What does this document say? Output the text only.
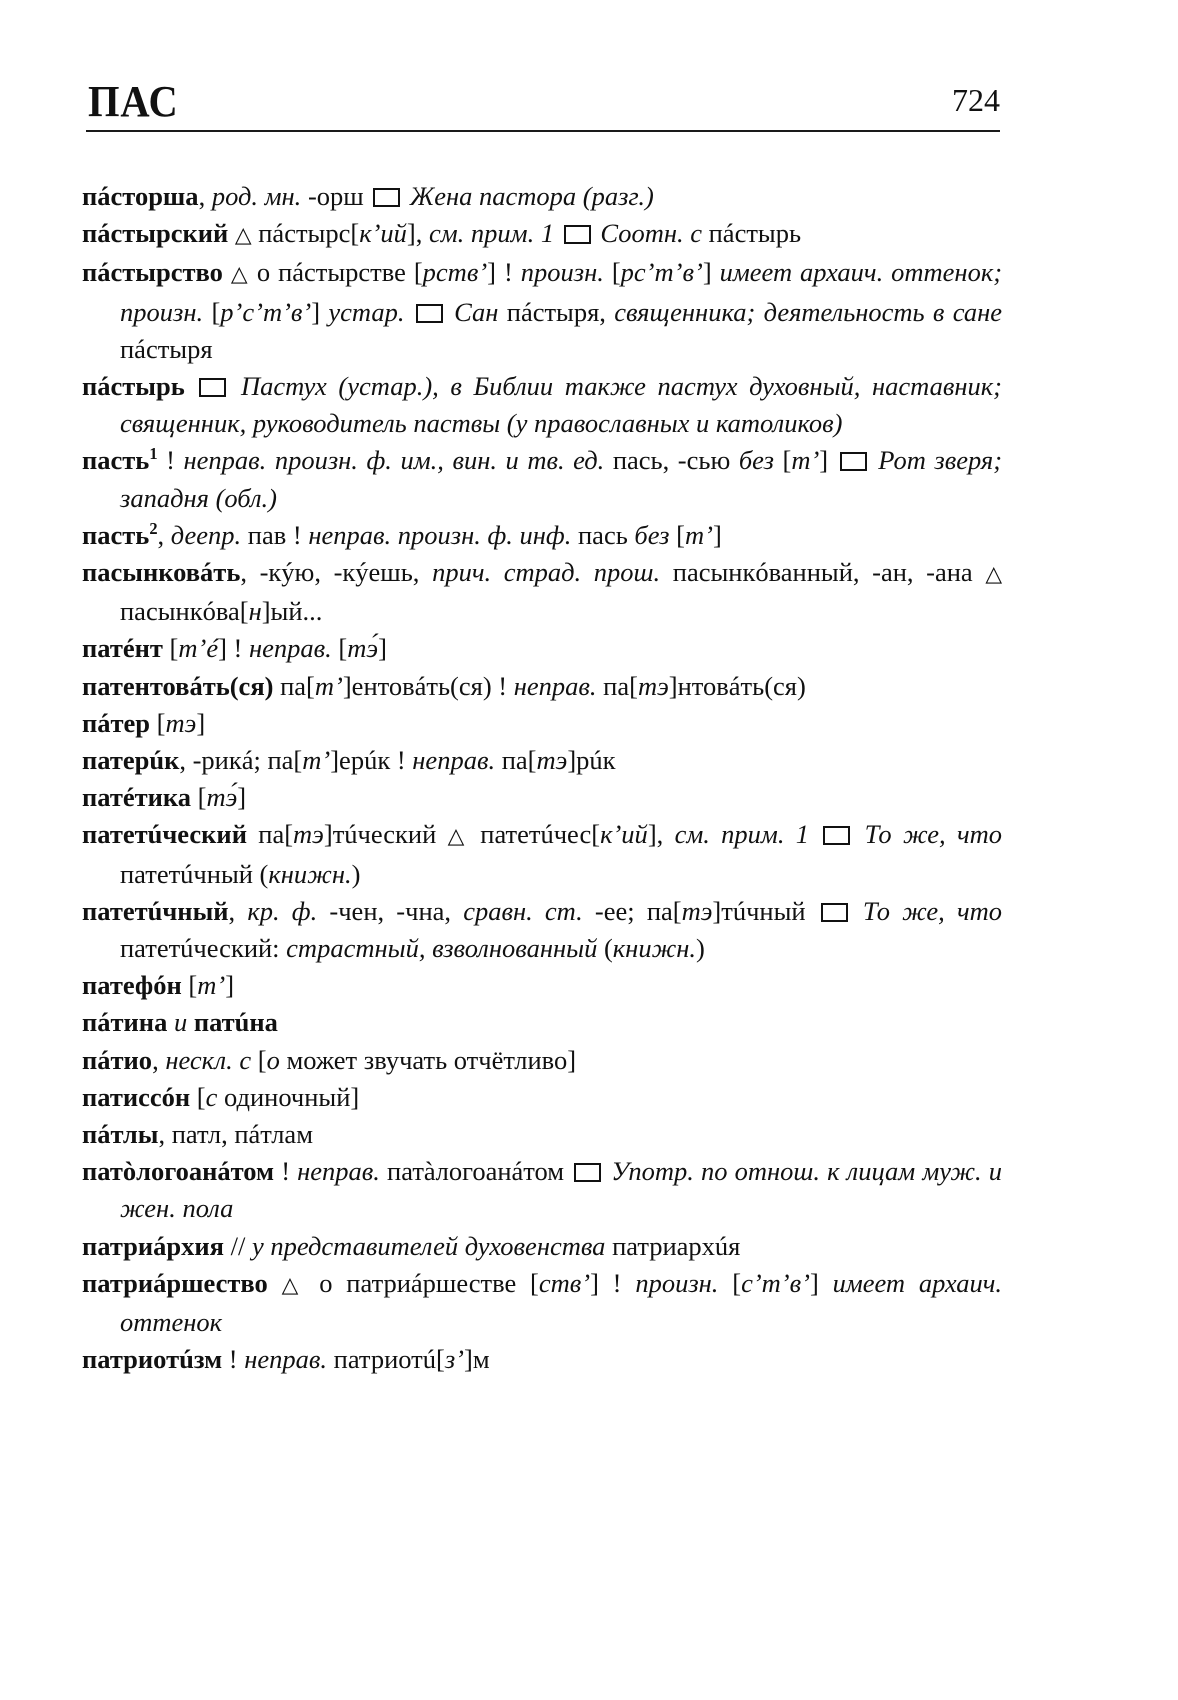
ПАС	724
пáсторша, род. мн. -орш  Жена пастора (разг.)
пáстырский △ пáстырс[кʼий], см. прим. 1 Соотн. с пáстырь
пáстырство △ о пáстырстве [рствʼ] ! произн. [рсʼтʼвʼ] имеет архаич. оттенок; произн. [рʼсʼтʼвʼ] устар. Сан пáстыря, священника; деятельность в сане пáстыря
пáстырь Пастух (устар.), в Библии также пастух духовный, наставник; священник, руководитель паствы (у православных и католиков)
пасть$^1$ ! неправ. произн. ф. им., вин. и тв. ед. пась, -сью без [тʼ] Рот зверя; западня (обл.)
пасть$^2$, деепр. пав ! неправ. произн. ф. инф. пась без [тʼ]
пасынковáть, -кýю, -кýешь, прич. страд. прош. пасынкóванный, -ан, -ана △ пасынкóва[н]ый...
патéнт [тʼé] ! неправ. [тэ́]
патентовáть(ся) па[тʼ]ентовáть(ся) ! неправ. па[тэ]нтовáть(ся)
пáтер [тэ]
патерúк, -рикá; па[тʼ]ерúк ! неправ. па[тэ]рúк
патéтика [тэ́]
патетúческий па[тэ]тúческий △ патетúчес[кʼий], см. прим. 1 То же, что патетúчный (книжн.)
патетúчный, кр. ф. -чен, -чна, сравн. ст. -ее; па[тэ]тúчный  То же, что патетúческий: страстный, взволнованный (книжн.)
патефóн [тʼ]
пáтина и патúна
пáтио, нескл. с [о может звучать отчётливо]
патиссóн [с одиночный]
пáтлы, патл, пáтлам
патòлогоанáтом ! неправ. патàлогоанáтом  Употр. по отнош. к лицам муж. и жен. пола
патриáрхия // у представителей духовенства патриархúя
патриáршество △ о патриáршестве [ствʼ] ! произн. [сʼтʼвʼ] имеет архаич. оттенок
патриотúзм ! неправ. патриотú[зʼ]м
